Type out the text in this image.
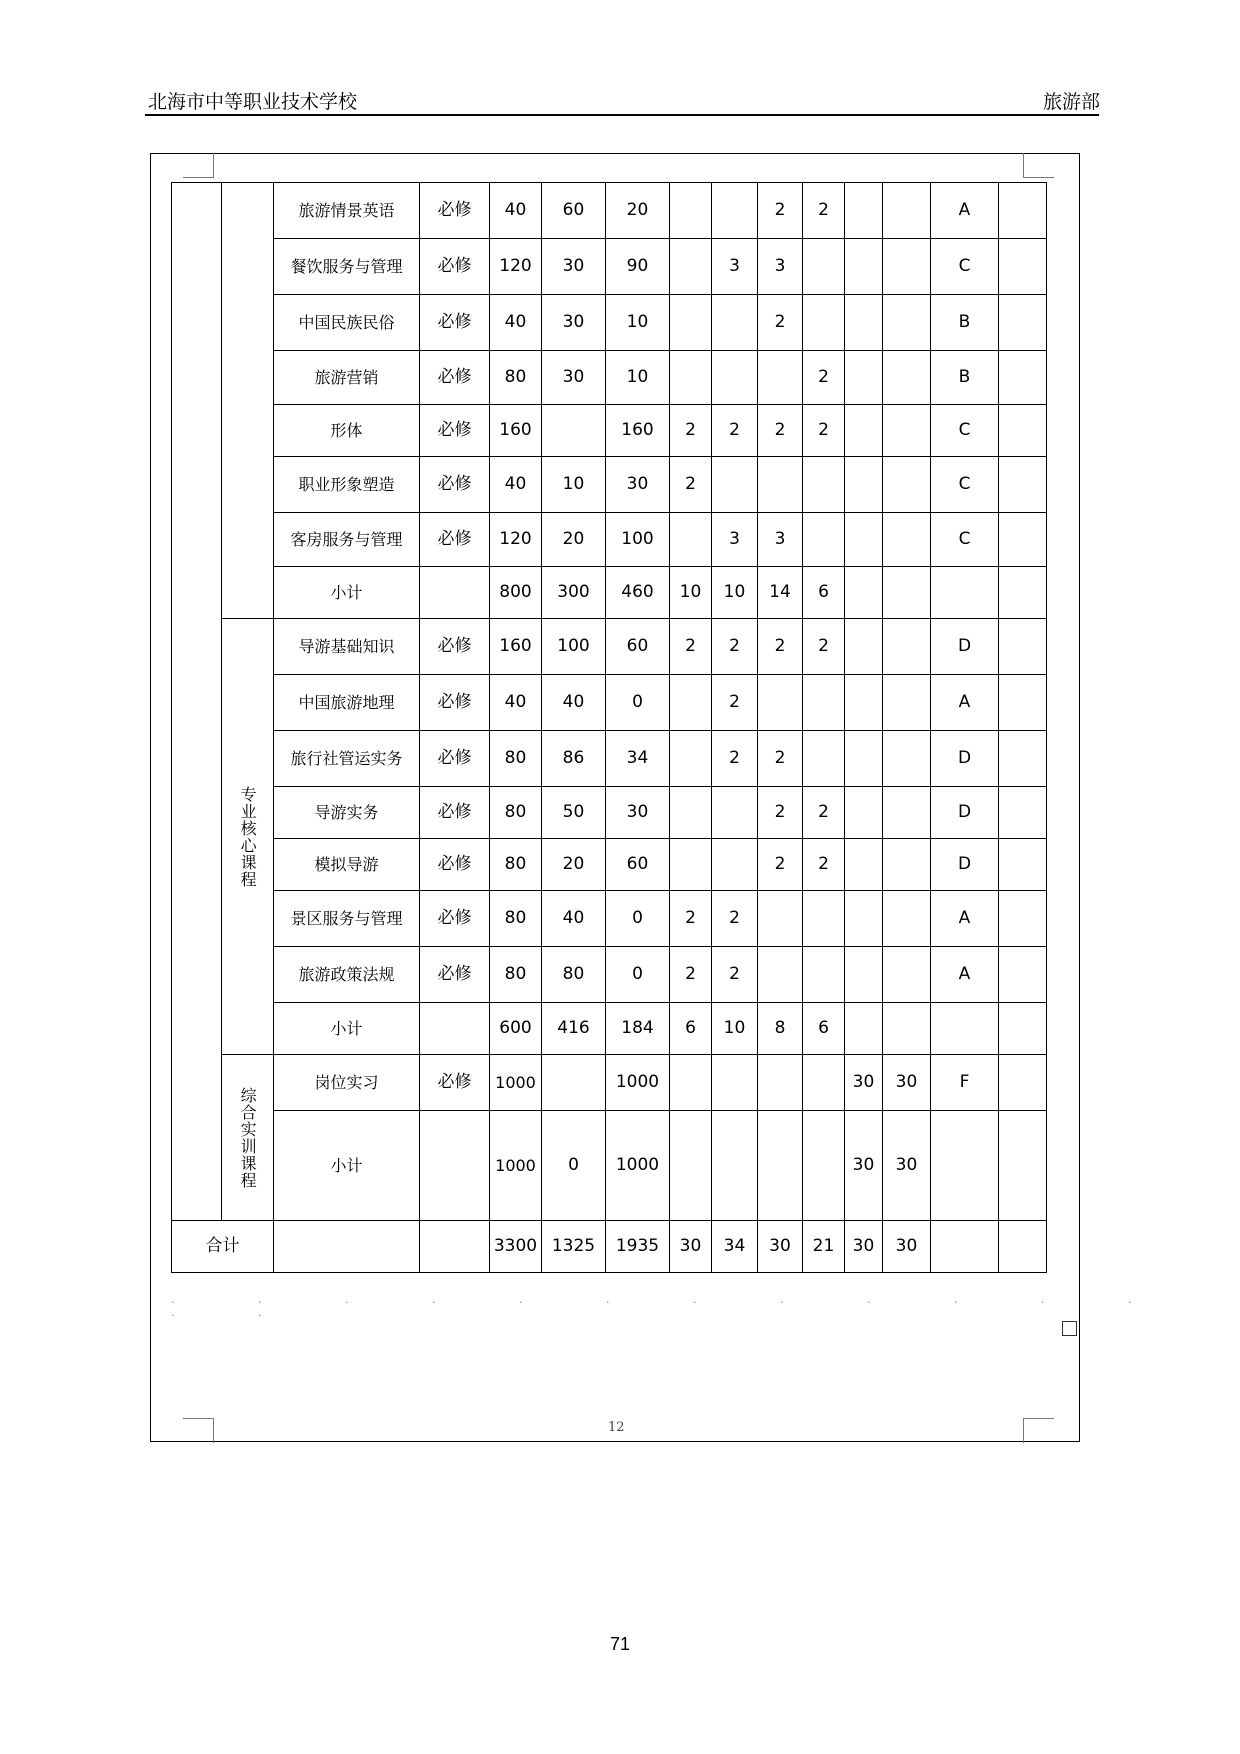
北海市中等职业技术学校	旅游部
		旅游情景英语	必修	40	60	20			2	2			A	
		餐饮服务与管理	必修	120	30	90		3	3				C	
		中国民族民俗	必修	40	30	10			2				B	
		旅游营销	必修	80	30	10				2			B	
		形体	必修	160		160	2	2	2	2			C	
		职业形象塑造	必修	40	10	30	2						C	
		客房服务与管理	必修	120	20	100		3	3				C	
		小计		800	300	460	10	10	14	6				

	专业核心课程	导游基础知识	必修	160	100	60	2	2	2	2			D	
		中国旅游地理	必修	40	40	0		2					A	
		旅行社管运实务	必修	80	86	34		2	2				D	
		导游实务	必修	80	50	30			2	2			D	
		模拟导游	必修	80	20	60			2	2			D	
		景区服务与管理	必修	80	40	0	2	2					A	
		旅游政策法规	必修	80	80	0	2	2					A	
		小计		600	416	184	6	10	8	6				

	综合实训课程	岗位实习	必修	1000		1000					30	30	F	
		小计		1000	0	1000					30	30		
合计				3300	1325	1935	30	34	30	21	30	30		
· · · · · · · · · · · · · ·
12
71
